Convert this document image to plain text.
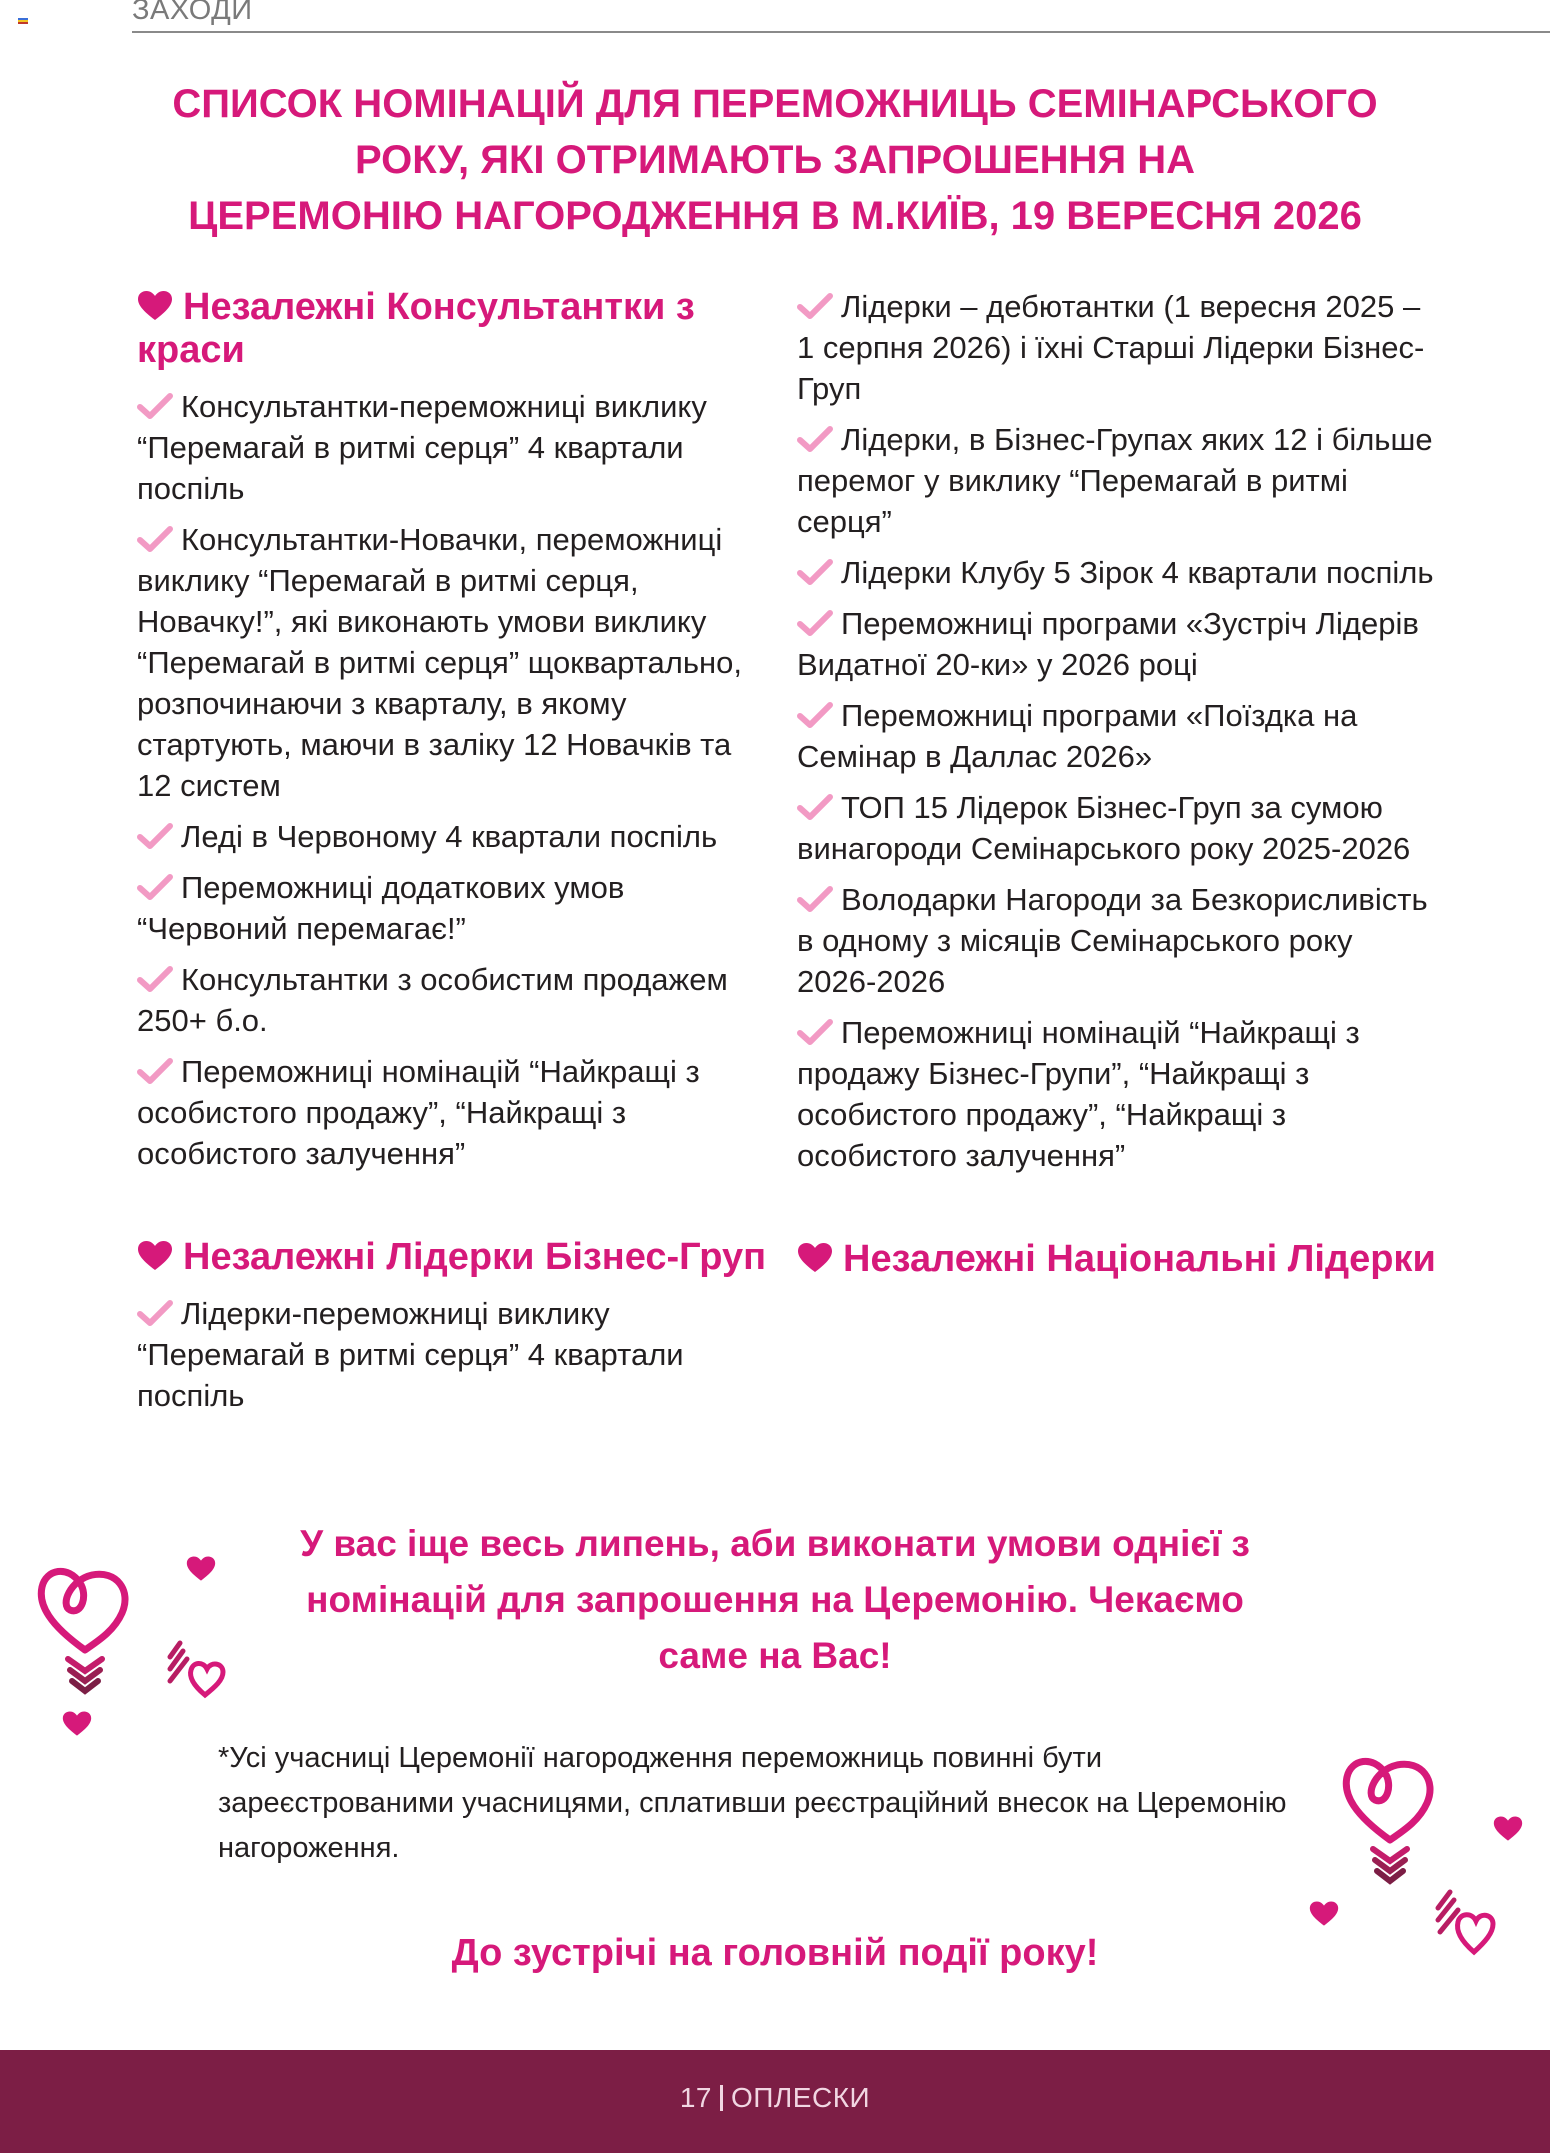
ЗАХОДИ
СПИСОК НОМІНАЦІЙ ДЛЯ ПЕРЕМОЖНИЦЬ СЕМІНАРСЬКОГО
РОКУ, ЯКІ ОТРИМАЮТЬ ЗАПРОШЕННЯ НА
ЦЕРЕМОНІЮ НАГОРОДЖЕННЯ В М.КИЇВ, 19 ВЕРЕСНЯ 2026
Незалежні Консультантки з краси
Консультантки-переможниці виклику “Перемагай в ритмі серця” 4 квартали поспіль
Консультантки-Новачки, переможниці виклику “Перемагай в ритмі серця, Новачку!”, які виконають умови виклику “Перемагай в ритмі серця” щоквартально, розпочинаючи з кварталу, в якому стартують, маючи в заліку 12 Новачків та 12 систем
Леді в Червоному 4 квартали поспіль
Переможниці додаткових умов “Червоний перемагає!”
Консультантки з особистим продажем 250+ б.о.
Переможниці номінацій “Найкращі з особистого продажу”, “Найкращі з особистого залучення”
Незалежні Лідерки Бізнес-Груп
Лідерки-переможниці виклику “Перемагай в ритмі серця” 4 квартали поспіль
Лідерки – дебютантки (1 вересня 2025 – 1 серпня 2026) і їхні Старші Лідерки Бізнес-Груп
Лідерки, в Бізнес-Групах яких 12 і більше перемог у виклику “Перемагай в ритмі серця”
Лідерки Клубу 5 Зірок 4 квартали поспіль
Переможниці програми «Зустріч Лідерів Видатної 20-ки» у 2026 році
Переможниці програми «Поїздка на Семінар в Даллас 2026»
ТОП 15 Лідерок Бізнес-Груп за сумою винагороди Семінарського року 2025-2026
Володарки Нагороди за Безкорисливість в одному з місяців Семінарського року 2026-2026
Переможниці номінацій “Найкращі з продажу Бізнес-Групи”, “Найкращі з особистого продажу”, “Найкращі з особистого залучення”
Незалежні Національні Лідерки
У вас іще весь липень, аби виконати умови однієї з
номінацій для запрошення на Церемонію. Чекаємо
саме на Вас!
*Усі учасниці Церемонії нагородження переможниць повинні бути зареєстрованими учасницями, сплативши реєстраційний внесок на Церемонію нагороження.
До зустрічі на головній події року!
17 ОПЛЕСКИ
